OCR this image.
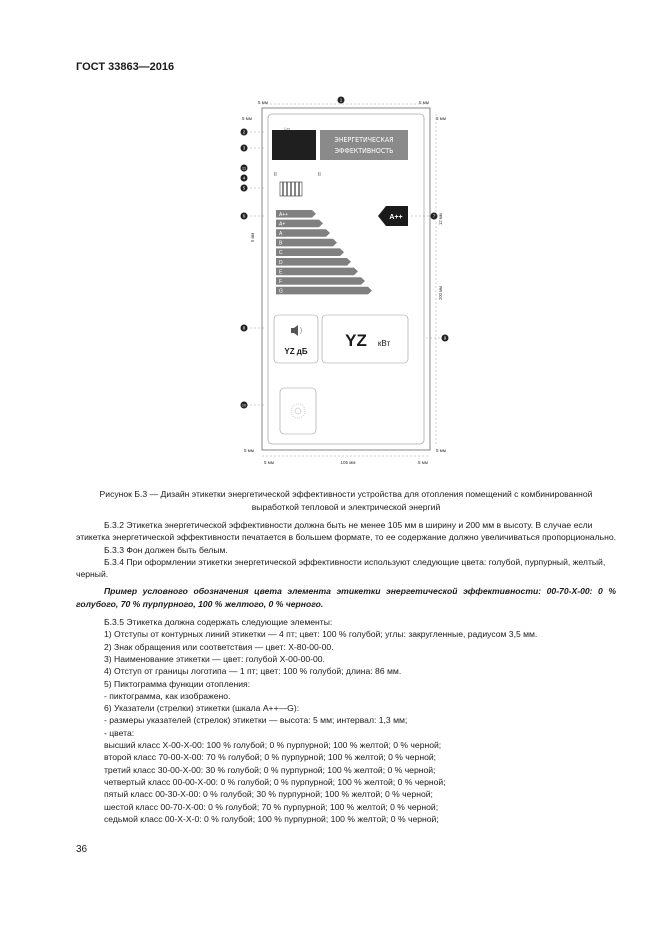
ГОСТ 33863—2016
5 мм	5 мм
5 мм	5 мм
1
2
3
11
4
5
6
8
10
7
9
200 мм
12 мм
5 мм
ЭНЕРГЕТИЧЕСКАЯ
ЭФФЕКТИВНОСТЬ
1 пт
II	II
A++
A+
A
B
C
D
E
F
G
A++
YZ дБ
YZ кВт
5 мм	5 мм
5 мм	5 мм
105 мм
Рисунок Б.3 — Дизайн этикетки энергетической эффективности устройства для отопления помещений с комбинированной выработкой тепловой и электрической энергий

Б.3.2 Этикетка энергетической эффективности должна быть не менее 105 мм в ширину и 200 мм в высоту. В случае если этикетка энергетической эффективности печатается в большем формате, то ее содержание должно увеличиваться пропорционально.

Б.3.3 Фон должен быть белым.

Б.3.4 При оформлении этикетки энергетической эффективности используют следующие цвета: голубой, пурпурный, желтый, черный.

Пример условного обозначения цвета элемента этикетки энергетической эффективности: 00-70-X-00: 0 % голубого, 70 % пурпурного, 100 % желтого, 0 % черного.

Б.3.5 Этикетка должна содержать следующие элементы:

1) Отступы от контурных линий этикетки — 4 пт; цвет: 100 % голубой; углы: закругленные, радиусом 3,5 мм.

2) Знак обращения или соответствия — цвет: X-80-00-00.

3) Наименование этикетки — цвет: голубой X-00-00-00.

4) Отступ от границы логотипа — 1 пт; цвет: 100 % голубой; длина: 86 мм.

5) Пиктограмма функции отопления:

- пиктограмма, как изображено.

6) Указатели (стрелки) этикетки (шкала A++—G):

- размеры указателей (стрелок) этикетки — высота: 5 мм; интервал: 1,3 мм;

- цвета:

высший класс X-00-X-00: 100 % голубой; 0 % пурпурной; 100 % желтой; 0 % черной;

второй класс 70-00-X-00: 70 % голубой; 0 % пурпурной; 100 % желтой; 0 % черной;

третий класс 30-00-X-00: 30 % голубой; 0 % пурпурной; 100 % желтой; 0 % черной;

четвертый класс 00-00-X-00: 0 % голубой; 0 % пурпурной; 100 % желтой; 0 % черной;

пятый класс 00-30-X-00: 0 % голубой; 30 % пурпурной; 100 % желтой; 0 % черной;

шестой класс 00-70-X-00: 0 % голубой; 70 % пурпурной; 100 % желтой; 0 % черной;

седьмой класс 00-X-X-0: 0 % голубой; 100 % пурпурной; 100 % желтой; 0 % черной;

36
